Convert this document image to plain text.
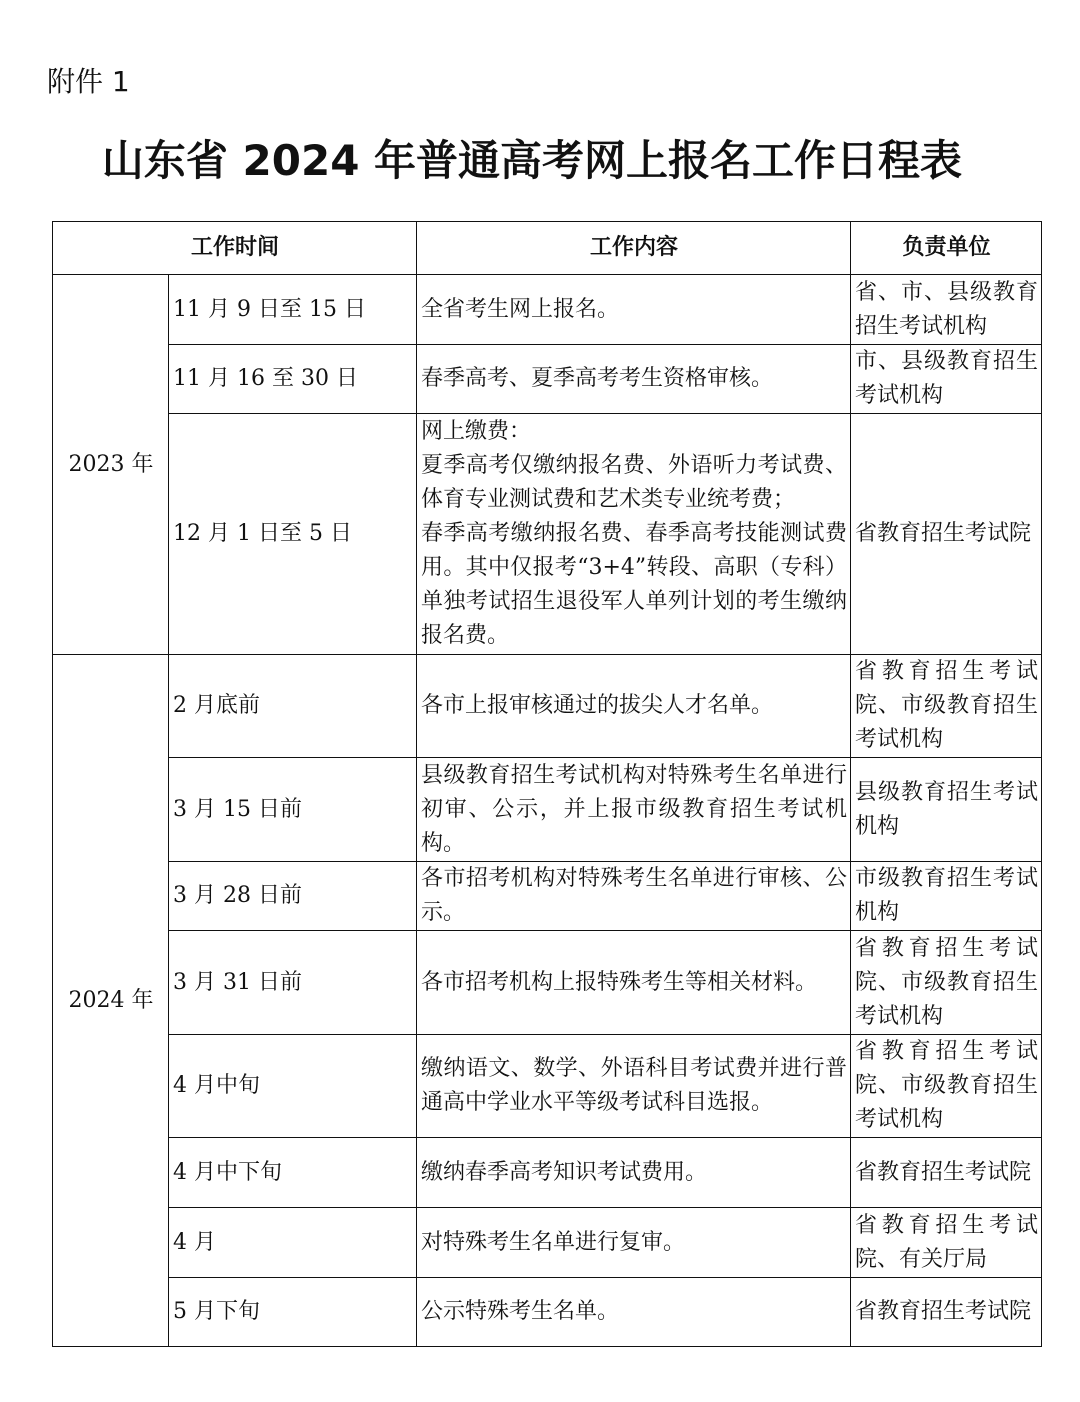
附件 1
山东省 2024 年普通高考网上报名工作日程表
工作时间		工作内容	负责单位
2023 年	11 月 9 日至 15 日	全省考生网上报名。	省、市、县级教育招生考试机构
	11 月 16 至 30 日	春季高考、夏季高考考生资格审核。	市、县级教育招生考试机构
	12 月 1 日至 5 日	网上缴费：
夏季高考仅缴纳报名费、外语听力考试费、体育专业测试费和艺术类专业统考费；
春季高考缴纳报名费、春季高考技能测试费用。其中仅报考“3+4”转段、高职（专科）单独考试招生退役军人单列计划的考生缴纳报名费。	省教育招生考试院
2024 年	2 月底前	各市上报审核通过的拔尖人才名单。	省教育招生考试院、市级教育招生考试机构
	3 月 15 日前	县级教育招生考试机构对特殊考生名单进行初审、公示，并上报市级教育招生考试机构。	县级教育招生考试机构
	3 月 28 日前	各市招考机构对特殊考生名单进行审核、公示。	市级教育招生考试机构
	3 月 31 日前	各市招考机构上报特殊考生等相关材料。	省教育招生考试院、市级教育招生考试机构
	4 月中旬	缴纳语文、数学、外语科目考试费并进行普通高中学业水平等级考试科目选报。	省教育招生考试院、市级教育招生考试机构
	4 月中下旬	缴纳春季高考知识考试费用。	省教育招生考试院
	4 月	对特殊考生名单进行复审。	省教育招生考试院、有关厅局
	5 月下旬	公示特殊考生名单。	省教育招生考试院
